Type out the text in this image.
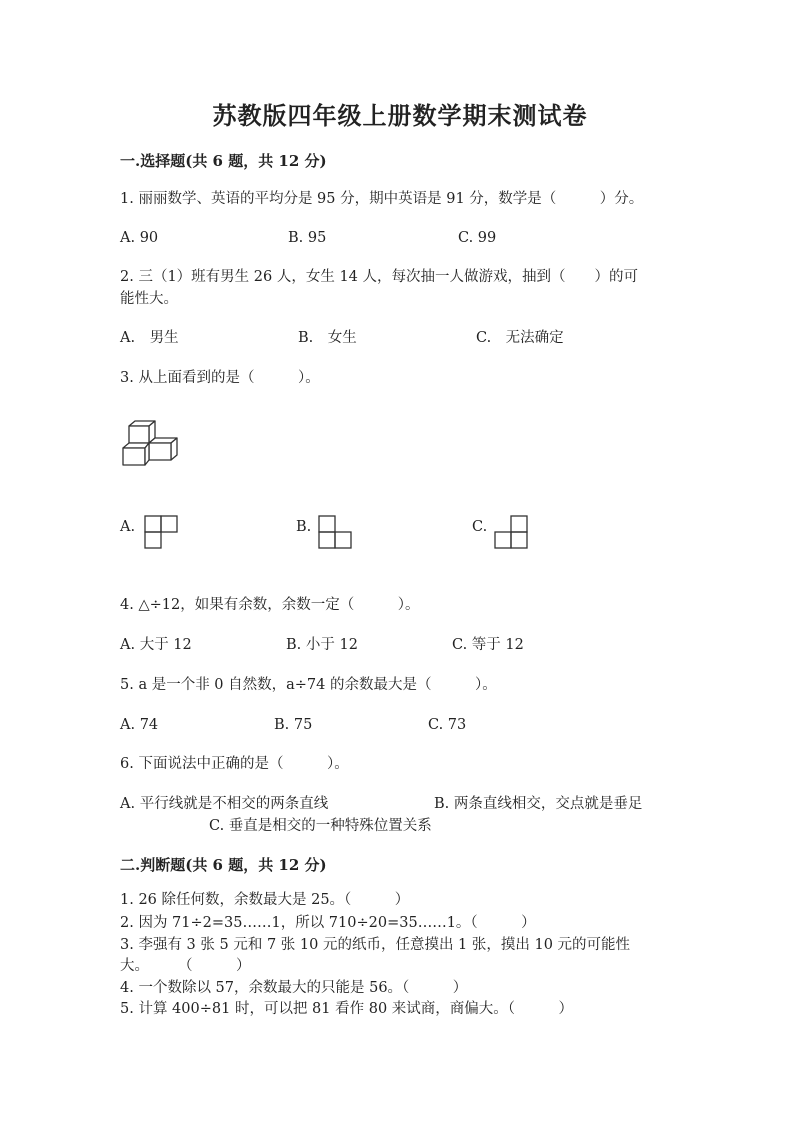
苏教版四年级上册数学期末测试卷
一.选择题(共 6 题，共 12 分)
1. 丽丽数学、英语的平均分是 95 分，期中英语是 91 分，数学是（　　　）分。
A. 90	B. 95	C. 99
2. 三（1）班有男生 26 人，女生 14 人，每次抽一人做游戏，抽到（　　）的可
能性大。
A.　男生	B.　女生	C.　无法确定
3. 从上面看到的是（　　　）。
A.	B.	C.
4. △÷12，如果有余数，余数一定（　　　）。
A. 大于 12	B. 小于 12	C. 等于 12
5. a 是一个非 0 自然数，a÷74 的余数最大是（　　　）。
A. 74	B. 75	C. 73
6. 下面说法中正确的是（　　　）。
A. 平行线就是不相交的两条直线	B. 两条直线相交，交点就是垂足
C. 垂直是相交的一种特殊位置关系
二.判断题(共 6 题，共 12 分)
1. 26 除任何数，余数最大是 25。（　　　）
2. 因为 71÷2=35……1，所以 710÷20=35……1。（　　　）
3. 李强有 3 张 5 元和 7 张 10 元的纸币，任意摸出 1 张，摸出 10 元的可能性
大。　　　（　　　）
4. 一个数除以 57，余数最大的只能是 56。（　　　）
5. 计算 400÷81 时，可以把 81 看作 80 来试商，商偏大。（　　　）
